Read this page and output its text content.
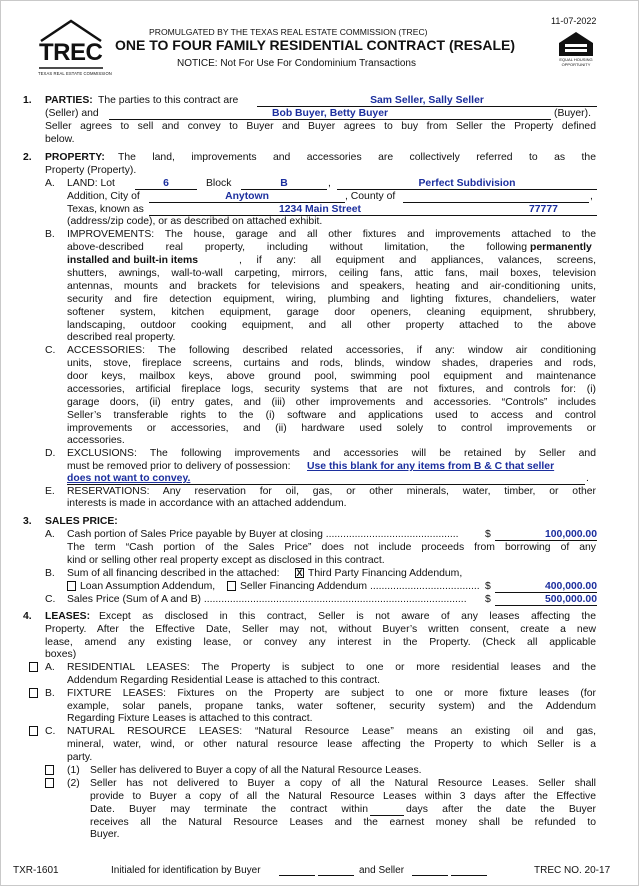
TREC
TEXAS REAL ESTATE COMMISSION
11-07-2022
PROMULGATED BY THE TEXAS REAL ESTATE COMMISSION (TREC)
ONE TO FOUR FAMILY RESIDENTIAL CONTRACT (RESALE)
NOTICE: Not For Use For Condominium Transactions	EQUAL HOUSING OPPORTUNITY
1. PARTIES: The parties to this contract are	Sam Seller, Sally Seller
(Seller) and	Bob Buyer, Betty Buyer	(Buyer).
Seller agrees to sell and convey to Buyer and Buyer agrees to buy from Seller the Property defined
below.
2. PROPERTY: The land, improvements and accessories are collectively referred to as the
Property (Property).
A. LAND: Lot	6	Block	B	,	Perfect Subdivision
Addition, City of	Anytown	, County of	,
Texas, known as	1234 Main Street	77777
(address/zip code), or as described on attached exhibit.
B. IMPROVEMENTS: The house, garage and all other fixtures and improvements attached to the
above-described real property, including without limitation, the following permanently
installed and built-in items	, if any: all equipment and appliances, valances, screens,
shutters, awnings, wall-to-wall carpeting, mirrors, ceiling fans, attic fans, mail boxes, television
antennas, mounts and brackets for televisions and speakers, heating and air-conditioning units,
security and fire detection equipment, wiring, plumbing and lighting fixtures, chandeliers, water
softener system, kitchen equipment, garage door openers, cleaning equipment, shrubbery,
landscaping, outdoor cooking equipment, and all other property attached to the above
described real property.
C. ACCESSORIES: The following described related accessories, if any: window air conditioning
units, stove, fireplace screens, curtains and rods, blinds, window shades, draperies and rods,
door keys, mailbox keys, above ground pool, swimming pool equipment and maintenance
accessories, artificial fireplace logs, security systems that are not fixtures, and controls for: (i)
garage doors, (ii) entry gates, and (iii) other improvements and accessories. “Controls” includes
Seller’s transferable rights to the (i) software and applications used to access and control
improvements or accessories, and (ii) hardware used solely to control improvements or
accessories.
D. EXCLUSIONS: The following improvements and accessories will be retained by Seller and
must be removed prior to delivery of possession: Use this blank for any items from B & C that seller
does not want to convey.	.
E. RESERVATIONS: Any reservation for oil, gas, or other minerals, water, timber, or other
interests is made in accordance with an attached addendum.
3. SALES PRICE:
A. Cash portion of Sales Price payable by Buyer at closing ..............................................	$	100,000.00
The term “Cash portion of the Sales Price” does not include proceeds from borrowing of any
kind or selling other real property except as disclosed in this contract.
B. Sum of all financing described in the attached: X Third Party Financing Addendum,
Loan Assumption Addendum, Seller Financing Addendum ...................................... $	400,000.00
C. Sales Price (Sum of A and B) ........................................................................................... $	500,000.00
4. LEASES: Except as disclosed in this contract, Seller is not aware of any leases affecting the
Property. After the Effective Date, Seller may not, without Buyer’s written consent, create a new
lease, amend any existing lease, or convey any interest in the Property. (Check all applicable
boxes)
A. RESIDENTIAL LEASES: The Property is subject to one or more residential leases and the
Addendum Regarding Residential Lease is attached to this contract.
B. FIXTURE LEASES: Fixtures on the Property are subject to one or more fixture leases (for
example, solar panels, propane tanks, water softener, security system) and the Addendum
Regarding Fixture Leases is attached to this contract.
C. NATURAL RESOURCE LEASES: “Natural Resource Lease” means an existing oil and gas,
mineral, water, wind, or other natural resource lease affecting the Property to which Seller is a
party.
(1) Seller has delivered to Buyer a copy of all the Natural Resource Leases.
(2) Seller has not delivered to Buyer a copy of all the Natural Resource Leases. Seller shall
provide to Buyer a copy of all the Natural Resource Leases within 3 days after the Effective
Date. Buyer may terminate the contract within	days after the date the Buyer
receives all the Natural Resource Leases and the earnest money shall be refunded to
Buyer.
TXR-1601	Initialed for identification by Buyer	and Seller	TREC NO. 20-17
